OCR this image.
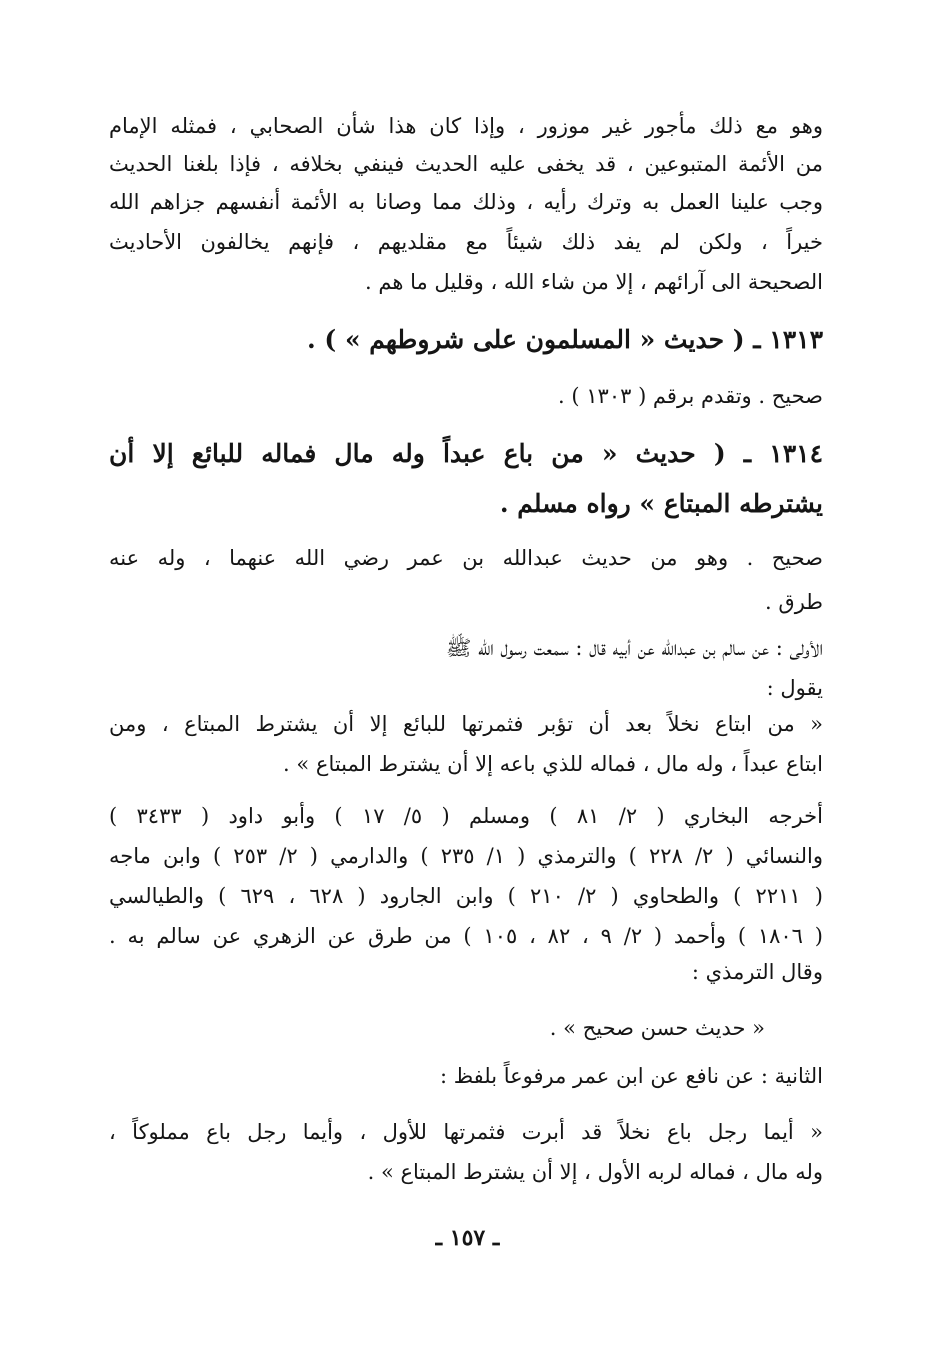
وهو مع ذلك مأجور غير موزور ، وإذا كان هذا شأن الصحابي ، فمثله الإمام
من الأئمة المتبوعين ، قد يخفى عليه الحديث فينفي بخلافه ، فإذا بلغنا الحديث
وجب علينا العمل به وترك رأيه ، وذلك مما وصانا به الأئمة أنفسهم جزاهم الله
خيراً ، ولكن لم يفد ذلك شيئاً مع مقلديهم ، فإنهم يخالفون الأحاديث
الصحيحة الى آرائهم ، إلا من شاء الله ، وقليل ما هم .
١٣١٣ ـ ( حديث « المسلمون على شروطهم » ) .
صحيح . وتقدم برقم ( ١٣٠٣ ) .
١٣١٤ ـ ( حديث « من باع عبداً وله مال فماله للبائع إلا أن
يشترطه المبتاع » رواه مسلم .
صحيح . وهو من حديث عبدالله بن عمر رضي الله عنهما ، وله عنه
طرق .
الأولى : عن سالم بن عبدالله عن أبيه قال : سمعت رسول الله ﷺ
يقول :
« من ابتاع نخلاً بعد أن تؤبر فثمرتها للبائع إلا أن يشترط المبتاع ، ومن
ابتاع عبداً ، وله مال ، فماله للذي باعه إلا أن يشترط المبتاع » .
أخرجه البخاري ( ٢/ ٨١ ) ومسلم ( ٥/ ١٧ ) وأبو داود ( ٣٤٣٣ )
والنسائي ( ٢/ ٢٢٨ ) والترمذي ( ١/ ٢٣٥ ) والدارمي ( ٢/ ٢٥٣ ) وابن ماجه
( ٢٢١١ ) والطحاوي ( ٢/ ٢١٠ ) وابن الجارود ( ٦٢٨ ، ٦٢٩ ) والطيالسي
( ١٨٠٦ ) وأحمد ( ٢/ ٩ ، ٨٢ ، ١٠٥ ) من طرق عن الزهري عن سالم به .
وقال الترمذي :
« حديث حسن صحيح » .
الثانية : عن نافع عن ابن عمر مرفوعاً بلفظ :
« أيما رجل باع نخلاً قد أبرت فثمرتها للأول ، وأيما رجل باع مملوكاً ،
وله مال ، فماله لربه الأول ، إلا أن يشترط المبتاع » .
ـ ١٥٧ ـ
